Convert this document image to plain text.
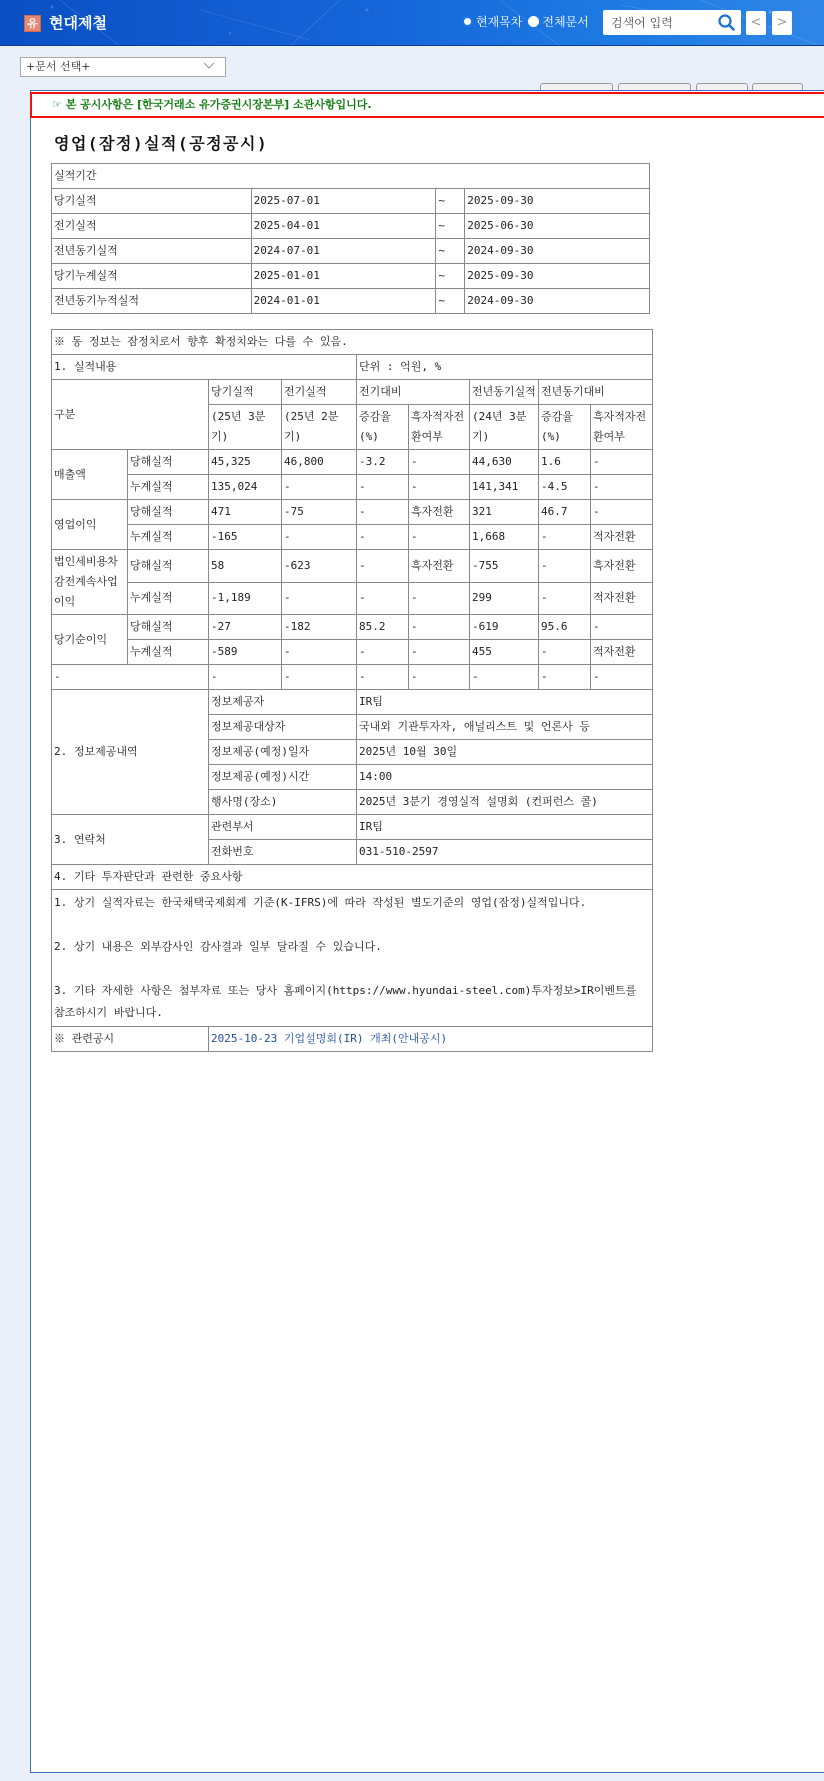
유 현대제철	현재목차 전체문서
검색어 입력	<	>
+문서 선택+
☞ 본 공시사항은 [한국거래소 유가증권시장본부] 소관사항입니다.
영업(잠정)실적(공정공시)
실적기간			
당기실적	2025-07-01	~	2025-09-30
전기실적	2025-04-01	~	2025-06-30
전년동기실적	2024-07-01	~	2024-09-30
당기누계실적	2025-01-01	~	2025-09-30
전년동기누적실적	2024-01-01	~	2024-09-30
※ 동 정보는 잠정치로서 향후 확정치와는 다를 수 있음.								
1. 실적내용				단위 : 억원, %				
구분		당기실적	전기실적	전기대비		전년동기실적	전년동기대비	
		(25년 3분기)	(25년 2분기)	증감율(%)	흑자적자전환여부	(24년 3분기)	증감율(%)	흑자적자전환여부
매출액	당해실적	45,325	46,800	-3.2	-	44,630	1.6	-
	누계실적	135,024	-	-	-	141,341	-4.5	-
영업이익	당해실적	471	-75	-	흑자전환	321	46.7	-
	누계실적	-165	-	-	-	1,668	-	적자전환
법인세비용차감전계속사업이익	당해실적	58	-623	-	흑자전환	-755	-	흑자전환
	누계실적	-1,189	-	-	-	299	-	적자전환
당기순이익	당해실적	-27	-182	85.2	-	-619	95.6	-
	누계실적	-589	-	-	-	455	-	적자전환
-		-	-	-	-	-	-	-
2. 정보제공내역		정보제공자		IR팀				
		정보제공대상자		국내외 기관투자자, 애널리스트 및 언론사 등				
		정보제공(예정)일자		2025년 10월 30일				
		정보제공(예정)시간		14:00				
		행사명(장소)		2025년 3분기 경영실적 설명회 (컨퍼런스 콜)				
3. 연락처		관련부서		IR팀				
		전화번호		031-510-2597				
4. 기타 투자판단과 관련한 중요사항								

1. 상기 실적자료는 한국채택국제회계 기준(K-IFRS)에 따라 작성된 별도기준의 영업(잠정)실적입니다.
2. 상기 내용은 외부감사인 감사결과 일부 달라질 수 있습니다.
3. 기타 자세한 사항은 첨부자료 또는 당사 홈페이지(https://www.hyundai-steel.com)투자정보>IR이벤트를 참조하시기 바랍니다.								

※ 관련공시		2025-10-23 기업설명회(IR) 개최(안내공시)						
